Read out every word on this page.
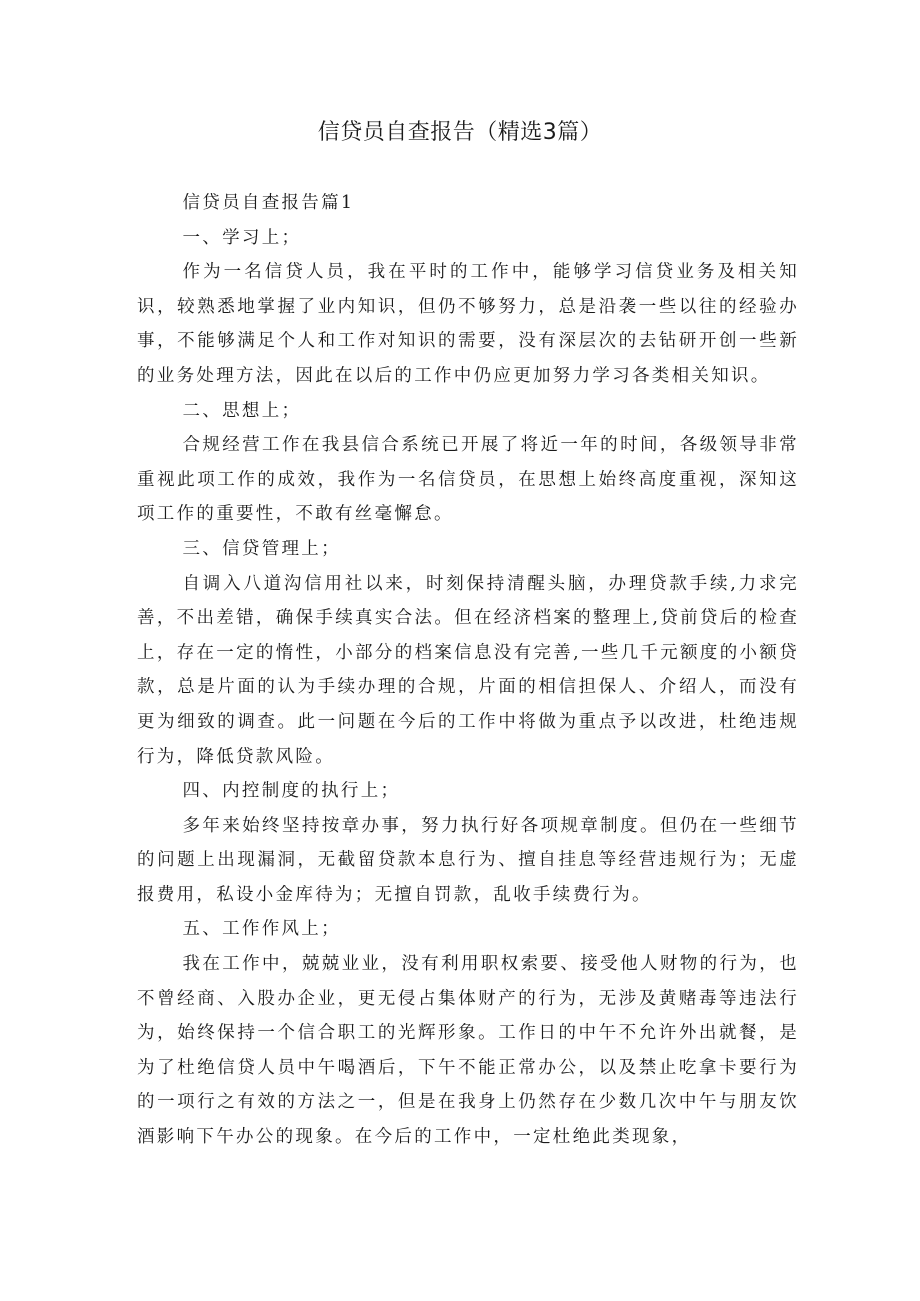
信贷员自查报告（精选3篇）

信贷员自查报告篇1

一、学习上；

作为一名信贷人员，我在平时的工作中，能够学习信贷业务及相关知识，较熟悉地掌握了业内知识，但仍不够努力，总是沿袭一些以往的经验办事，不能够满足个人和工作对知识的需要，没有深层次的去钻研开创一些新的业务处理方法，因此在以后的工作中仍应更加努力学习各类相关知识。

二、思想上；

合规经营工作在我县信合系统已开展了将近一年的时间，各级领导非常重视此项工作的成效，我作为一名信贷员，在思想上始终高度重视，深知这项工作的重要性，不敢有丝毫懈怠。

三、信贷管理上；

自调入八道沟信用社以来，时刻保持清醒头脑，办理贷款手续,力求完善，不出差错，确保手续真实合法。但在经济档案的整理上,贷前贷后的检查上，存在一定的惰性，小部分的档案信息没有完善,一些几千元额度的小额贷款，总是片面的认为手续办理的合规，片面的相信担保人、介绍人，而没有更为细致的调查。此一问题在今后的工作中将做为重点予以改进，杜绝违规行为，降低贷款风险。

四、内控制度的执行上；

多年来始终坚持按章办事，努力执行好各项规章制度。但仍在一些细节的问题上出现漏洞，无截留贷款本息行为、擅自挂息等经营违规行为；无虚报费用，私设小金库待为；无擅自罚款，乱收手续费行为。

五、工作作风上；

我在工作中，兢兢业业，没有利用职权索要、接受他人财物的行为，也不曾经商、入股办企业，更无侵占集体财产的行为，无涉及黄赌毒等违法行为，始终保持一个信合职工的光辉形象。工作日的中午不允许外出就餐，是为了杜绝信贷人员中午喝酒后，下午不能正常办公，以及禁止吃拿卡要行为的一项行之有效的方法之一，但是在我身上仍然存在少数几次中午与朋友饮酒影响下午办公的现象。在今后的工作中，一定杜绝此类现象，
